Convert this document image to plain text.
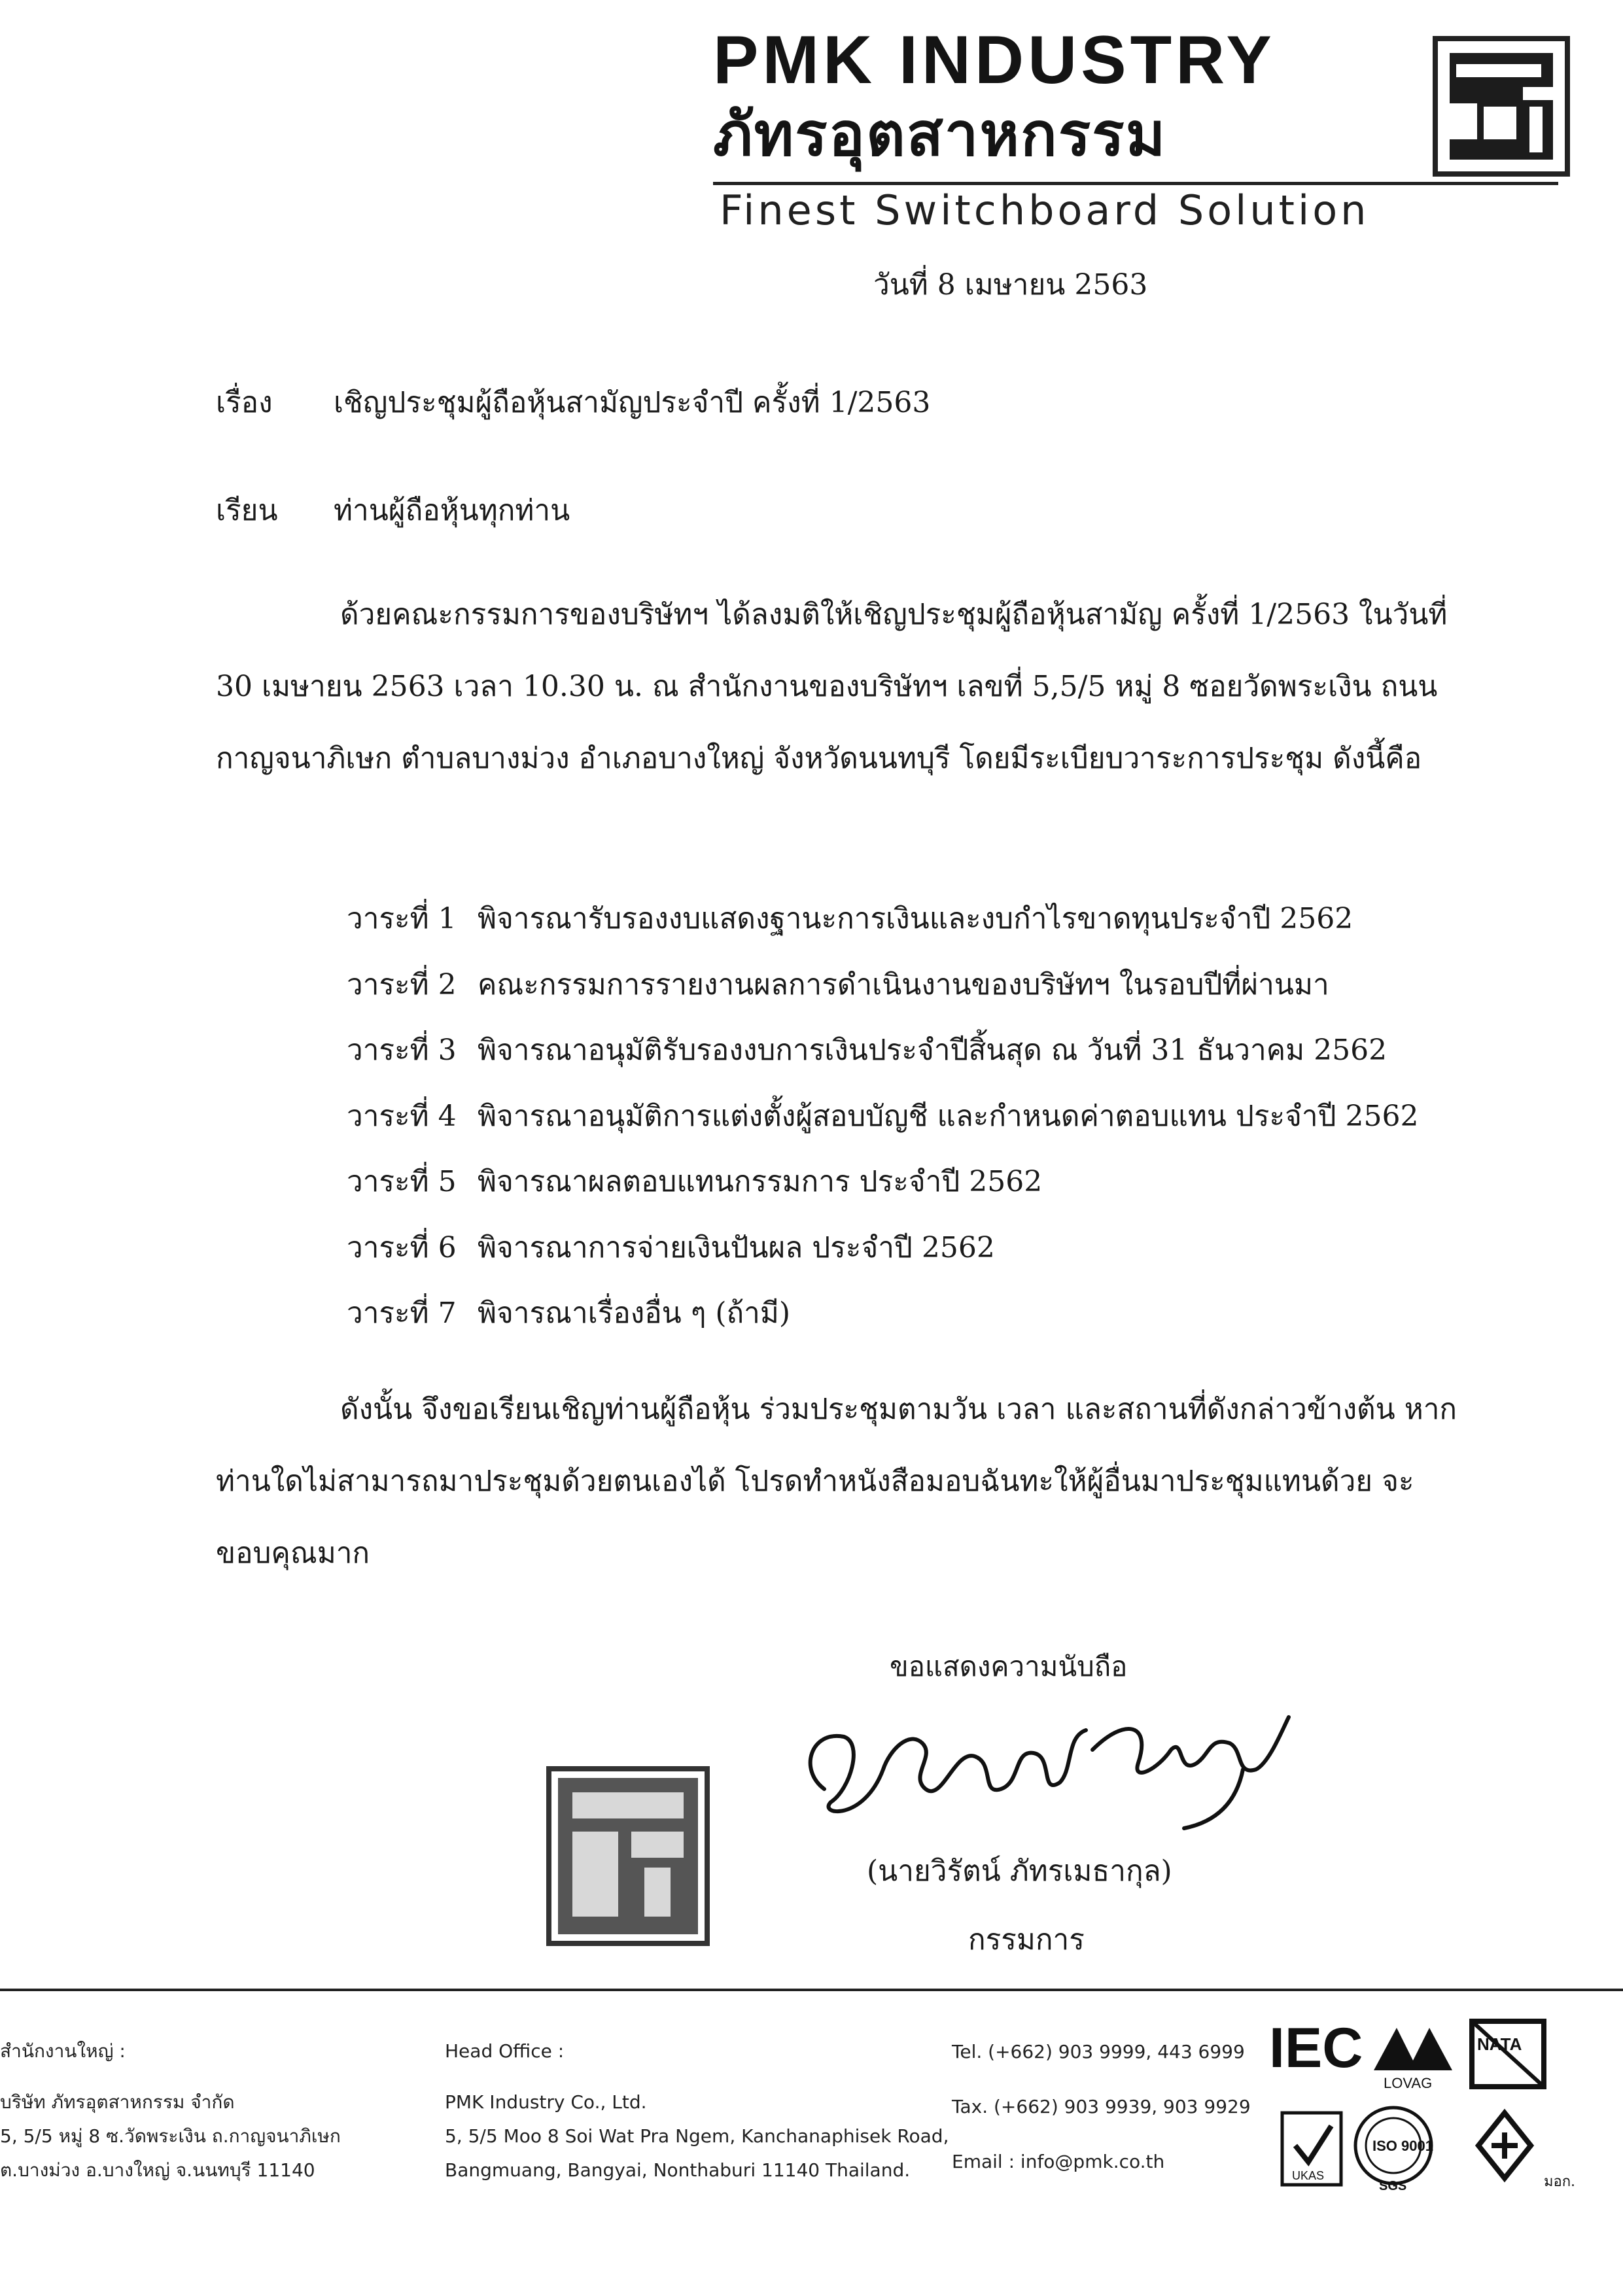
PMK INDUSTRY
ภัทรอุตสาหกรรม
Finest Switchboard Solution
วันที่ 8 เมษายน 2563
เรื่อง เชิญประชุมผู้ถือหุ้นสามัญประจำปี ครั้งที่ 1/2563
เรียน ท่านผู้ถือหุ้นทุกท่าน
ด้วยคณะกรรมการของบริษัทฯ ได้ลงมติให้เชิญประชุมผู้ถือหุ้นสามัญ ครั้งที่ 1/2563 ในวันที่ 30 เมษายน 2563 เวลา 10.30 น. ณ สำนักงานของบริษัทฯ เลขที่ 5,5/5 หมู่ 8 ซอยวัดพระเงิน ถนนกาญจนาภิเษก ตำบลบางม่วง อำเภอบางใหญ่ จังหวัดนนทบุรี โดยมีระเบียบวาระการประชุม ดังนี้คือ
วาระที่ 1 พิจารณารับรองงบแสดงฐานะการเงินและงบกำไรขาดทุนประจำปี 2562
วาระที่ 2 คณะกรรมการรายงานผลการดำเนินงานของบริษัทฯ ในรอบปีที่ผ่านมา
วาระที่ 3 พิจารณาอนุมัติรับรองงบการเงินประจำปีสิ้นสุด ณ วันที่ 31 ธันวาคม 2562
วาระที่ 4 พิจารณาอนุมัติการแต่งตั้งผู้สอบบัญชี และกำหนดค่าตอบแทน ประจำปี 2562
วาระที่ 5 พิจารณาผลตอบแทนกรรมการ ประจำปี 2562
วาระที่ 6 พิจารณาการจ่ายเงินปันผล ประจำปี 2562
วาระที่ 7 พิจารณาเรื่องอื่น ๆ (ถ้ามี)
ดังนั้น จึงขอเรียนเชิญท่านผู้ถือหุ้น ร่วมประชุมตามวัน เวลา และสถานที่ดังกล่าวข้างต้น หากท่านใดไม่สามารถมาประชุมด้วยตนเองได้ โปรดทำหนังสือมอบฉันทะให้ผู้อื่นมาประชุมแทนด้วย จะขอบคุณมาก
ขอแสดงความนับถือ
(นายวิรัตน์ ภัทรเมธากุล)
กรรมการ
สำนักงานใหญ่ :
บริษัท ภัทรอุตสาหกรรม จำกัด
5, 5/5 หมู่ 8 ซ.วัดพระเงิน ถ.กาญจนาภิเษก
ต.บางม่วง อ.บางใหญ่ จ.นนทบุรี 11140
Head Office :
PMK Industry Co., Ltd.
5, 5/5 Moo 8 Soi Wat Pra Ngem, Kanchanaphisek Road,
Bangmuang, Bangyai, Nonthaburi 11140 Thailand.
Tel. (+662) 903 9999, 443 6999
Tax. (+662) 903 9939, 903 9929
Email : info@pmk.co.th
IEC
LOVAG
NATA
UKAS
ISO 9001
SGS	มอก.
